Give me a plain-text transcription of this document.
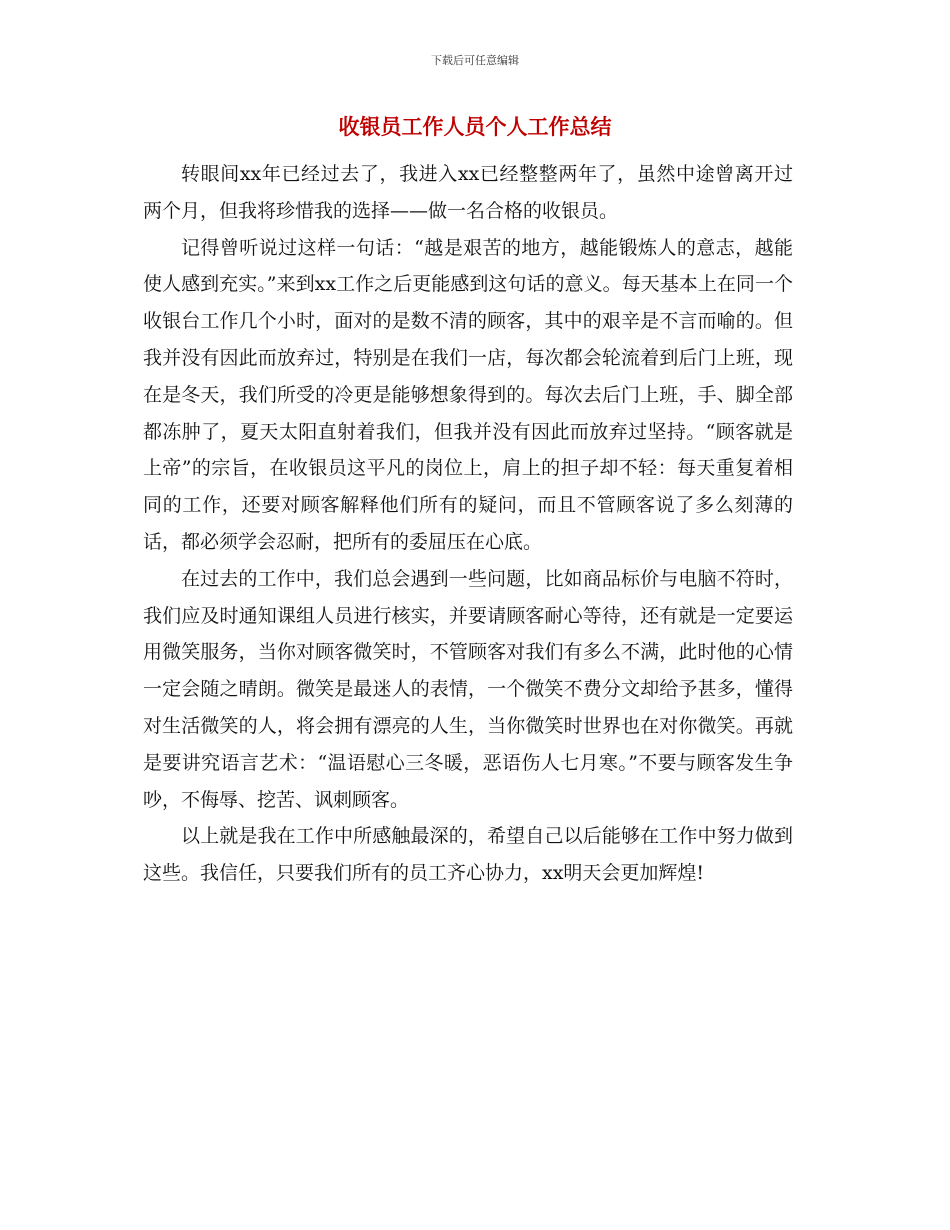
下载后可任意编辑
收银员工作人员个人工作总结

转眼间xx年已经过去了，我进入xx已经整整两年了，虽然中途曾离开过两个月，但我将珍惜我的选择——做一名合格的收银员。

记得曾听说过这样一句话：“越是艰苦的地方，越能锻炼人的意志，越能使人感到充实。”来到xx工作之后更能感到这句话的意义。每天基本上在同一个收银台工作几个小时，面对的是数不清的顾客，其中的艰辛是不言而喻的。但我并没有因此而放弃过，特别是在我们一店，每次都会轮流着到后门上班，现在是冬天，我们所受的冷更是能够想象得到的。每次去后门上班，手、脚全部都冻肿了，夏天太阳直射着我们，但我并没有因此而放弃过坚持。“顾客就是上帝”的宗旨，在收银员这平凡的岗位上，肩上的担子却不轻：每天重复着相同的工作，还要对顾客解释他们所有的疑问，而且不管顾客说了多么刻薄的话，都必须学会忍耐，把所有的委屈压在心底。

在过去的工作中，我们总会遇到一些问题，比如商品标价与电脑不符时，我们应及时通知课组人员进行核实，并要请顾客耐心等待，还有就是一定要运用微笑服务，当你对顾客微笑时，不管顾客对我们有多么不满，此时他的心情一定会随之晴朗。微笑是最迷人的表情，一个微笑不费分文却给予甚多，懂得对生活微笑的人，将会拥有漂亮的人生，当你微笑时世界也在对你微笑。再就是要讲究语言艺术：“温语慰心三冬暖，恶语伤人七月寒。”不要与顾客发生争吵，不侮辱、挖苦、讽刺顾客。

以上就是我在工作中所感触最深的，希望自己以后能够在工作中努力做到这些。我信任，只要我们所有的员工齐心协力，xx明天会更加辉煌!
